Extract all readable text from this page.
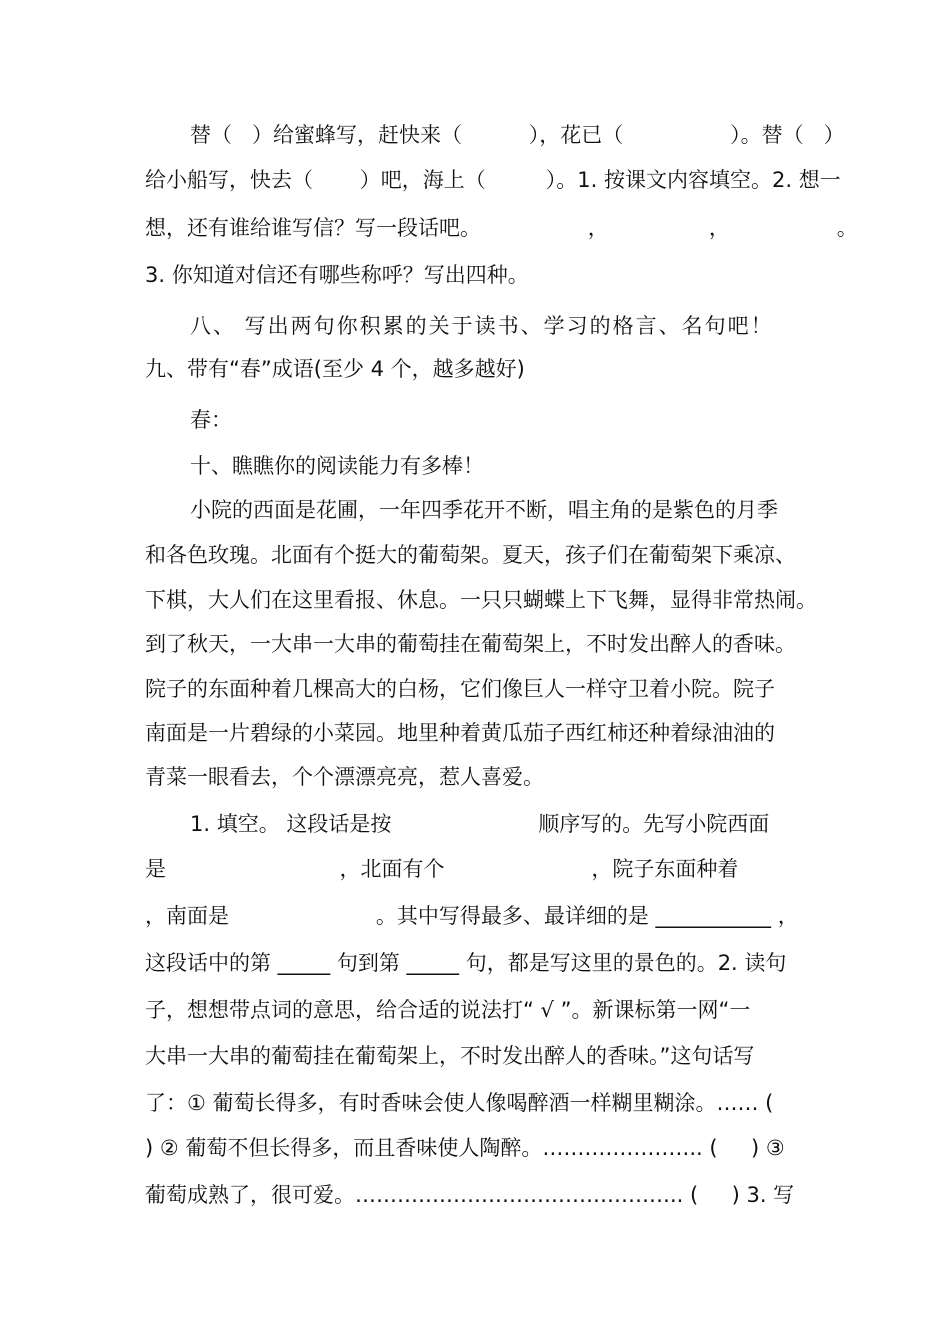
替（   ）给蜜蜂写，赶快来（          ），花已（                ）。替（   ）
给小船写，快去（       ）吧，海上（         ）。1. 按课文内容填空。2. 想一
想，还有谁给谁写信？写一段话吧。                ，               ，                。
3. 你知道对信还有哪些称呼？写出四种。
八、 写出两句你积累的关于读书、学习的格言、名句吧！
九、带有“春”成语(至少 4 个，越多越好)
春：
十、瞧瞧你的阅读能力有多棒！
小院的西面是花圃，一年四季花开不断，唱主角的是紫色的月季
和各色玫瑰。北面有个挺大的葡萄架。夏天，孩子们在葡萄架下乘凉、
下棋，大人们在这里看报、休息。一只只蝴蝶上下飞舞，显得非常热闹。
到了秋天，一大串一大串的葡萄挂在葡萄架上，不时发出醉人的香味。
院子的东面种着几棵高大的白杨，它们像巨人一样守卫着小院。院子
南面是一片碧绿的小菜园。地里种着黄瓜茄子西红柿还种着绿油油的
青菜一眼看去，个个漂漂亮亮，惹人喜爱。
1. 填空。 这段话是按                      顺序写的。先写小院西面
是                          ，北面有个                      ，院子东面种着
，南面是                      。其中写得最多、最详细的是 ___________ ，
这段话中的第 _____ 句到第 _____ 句，都是写这里的景色的。2. 读句
子，想想带点词的意思，给合适的说法打“ √ ”。新课标第一网“一
大串一大串的葡萄挂在葡萄架上，不时发出醉人的香味。”这句话写
了：① 葡萄长得多，有时香味会使人像喝醉酒一样糊里糊涂。…… (
) ② 葡萄不但长得多，而且香味使人陶醉。………………….. (     ) ③
葡萄成熟了，很可爱。……………………………………….. (     ) 3. 写
